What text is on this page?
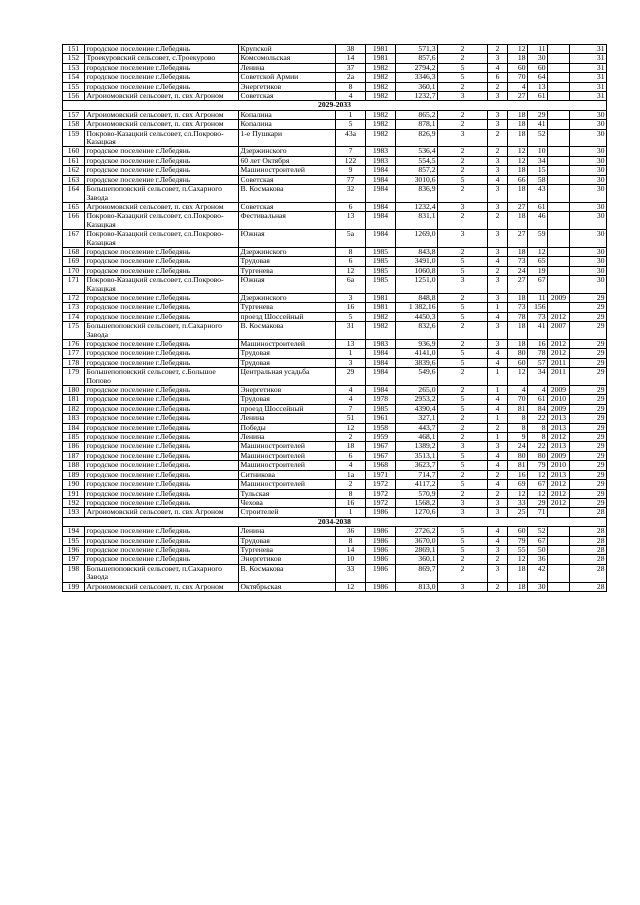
151	городское поселение г.Лебедянь	Крупской	38	1981	571,3	2	2	12	11		31
152	Троекуровский сельсовет, с.Троекурово	Комсомольская	14	1981	857,6	2	3	18	30		31
153	городское поселение г.Лебедянь	Ленина	37	1982	2794,2	5	4	60	60		31
154	городское поселение г.Лебедянь	Советской Армии	2а	1982	3346,3	5	6	70	64		31
155	городское поселение г.Лебедянь	Энергетиков	8	1982	360,1	2	2	4	13		31
156	Агроиомовский сельсовет, п. свх Агроном	Советская	4	1982	1232,7	3	3	27	61		31
2029-2033											
157	Агроиомовский сельсовет, п. свх Агроном	Копалина	1	1982	865,2	2	3	18	29		30
158	Агроиомовский сельсовет, п. свх Агроном	Копалина	5	1982	878,1	2	3	18	41		30
159	Покрово-Казацкий сельсовет, сл.Покрово-Казацкая	1-е Пушкари	43а	1982	826,9	3	2	18	52		30
160	городское поселение г.Лебедянь	Дзержинского	7	1983	536,4	2	2	12	10		30
161	городское поселение г.Лебедянь	60 лет Октября	122	1983	554,5	2	3	12	34		30
162	городское поселение г.Лебедянь	Машиностроителей	9	1984	857,2	2	3	18	15		30
163	городское поселение г.Лебедянь	Советская	77	1984	3010,6	5	4	66	58		30
164	Большепоповский сельсовет, п.Сахарного Завода	В. Космакова	32	1984	836,9	2	3	18	43		30
165	Агроиомовский сельсовет, п. свх Агроном	Советская	6	1984	1232,4	3	3	27	61		30
166	Покрово-Казацкий сельсовет, сл.Покрово-Казацкая	Фестивальная	13	1984	831,1	2	2	18	46		30
167	Покрово-Казацкий сельсовет, сл.Покрово-Казацкая	Южная	5а	1984	1269,0	3	3	27	59		30
168	городское поселение г.Лебедянь	Дзержинского	8	1985	843,8	2	3	18	12		30
169	городское поселение г.Лебедянь	Трудовая	6	1985	3491,0	5	4	73	65		30
170	городское поселение г.Лебедянь	Тургенева	12	1985	1060,8	5	2	24	19		30
171	Покрово-Казацкий сельсовет, сл.Покрово-Казацкая	Южная	6а	1985	1251,0	3	3	27	67		30
172	городское поселение г.Лебедянь	Дзержинского	3	1981	848,8	2	3	18	11	2009	29
173	городское поселение г.Лебедянь	Тургенева	16	1981	1 382,16	5	1	73	156		29
174	городское поселение г.Лебедянь	проезд Шоссейный	5	1982	4450,3	5	4	78	73	2012	29
175	Большепоповский сельсовет, п.Сахарного Завода	В. Космакова	31	1982	832,6	2	3	18	41	2007	29
176	городское поселение г.Лебедянь	Машиностроителей	13	1983	936,9	2	3	18	16	2012	29
177	городское поселение г.Лебедянь	Трудовая	1	1984	4141,0	5	4	80	78	2012	29
178	городское поселение г.Лебедянь	Трудовая	3	1984	3839,6	5	4	60	57	2011	29
179	Большепоповский сельсовет, с.Большое Попово	Центральная усадьба	29	1984	549,6	2	1	12	34	2011	29
180	городское поселение г.Лебедянь	Энергетиков	4	1984	265,0	2	1	4	4	2009	29
181	городское поселение г.Лебедянь	Трудовая	4	1978	2953,2	5	4	70	61	2010	29
182	городское поселение г.Лебедянь	проезд Шоссейный	7	1985	4390,4	5	4	81	84	2009	29
183	городское поселение г.Лебедянь	Ленина	51	1961	327,1	2	1	8	22	2013	29
184	городское поселение г.Лебедянь	Победы	12	1958	443,7	2	2	8	8	2013	29
185	городское поселение г.Лебедянь	Ленина	2	1959	468,1	2	1	9	8	2012	29
186	городское поселение г.Лебедянь	Машиностроителей	18	1967	1389,2	3	3	24	22	2013	29
187	городское поселение г.Лебедянь	Машиностроителей	6	1967	3513,1	5	4	80	80	2009	29
188	городское поселение г.Лебедянь	Машиностроителей	4	1968	3623,7	5	4	81	79	2010	29
189	городское поселение г.Лебедянь	Ситникова	1а	1971	714,7	2	2	16	12	2013	29
190	городское поселение г.Лебедянь	Машиностроителей	2	1972	4117,2	5	4	69	67	2012	29
191	городское поселение г.Лебедянь	Тульская	8	1972	570,9	2	2	12	12	2012	29
192	городское поселение г.Лебедянь	Чехова	16	1972	1568,2	3	3	33	29	2012	29
193	Агроиомовский сельсовет, п. свх Агроном	Строителей	1	1986	1270,6	3	3	25	71		28
2034-2038											
194	городское поселение г.Лебедянь	Ленина	36	1986	2726,2	5	4	60	52		28
195	городское поселение г.Лебедянь	Трудовая	8	1986	3670,0	5	4	79	67		28
196	городское поселение г.Лебедянь	Тургенева	14	1986	2869,1	5	3	55	50		28
197	городское поселение г.Лебедянь	Энергетиков	10	1986	360,1	2	2	12	36		28
198	Большепоповский сельсовет, п.Сахарного Завода	В. Космакова	33	1986	869,7	2	3	18	42		28
199	Агроиомовский сельсовет, п. свх Агроном	Октябрьская	12	1986	813,0	3	2	18	30		28
